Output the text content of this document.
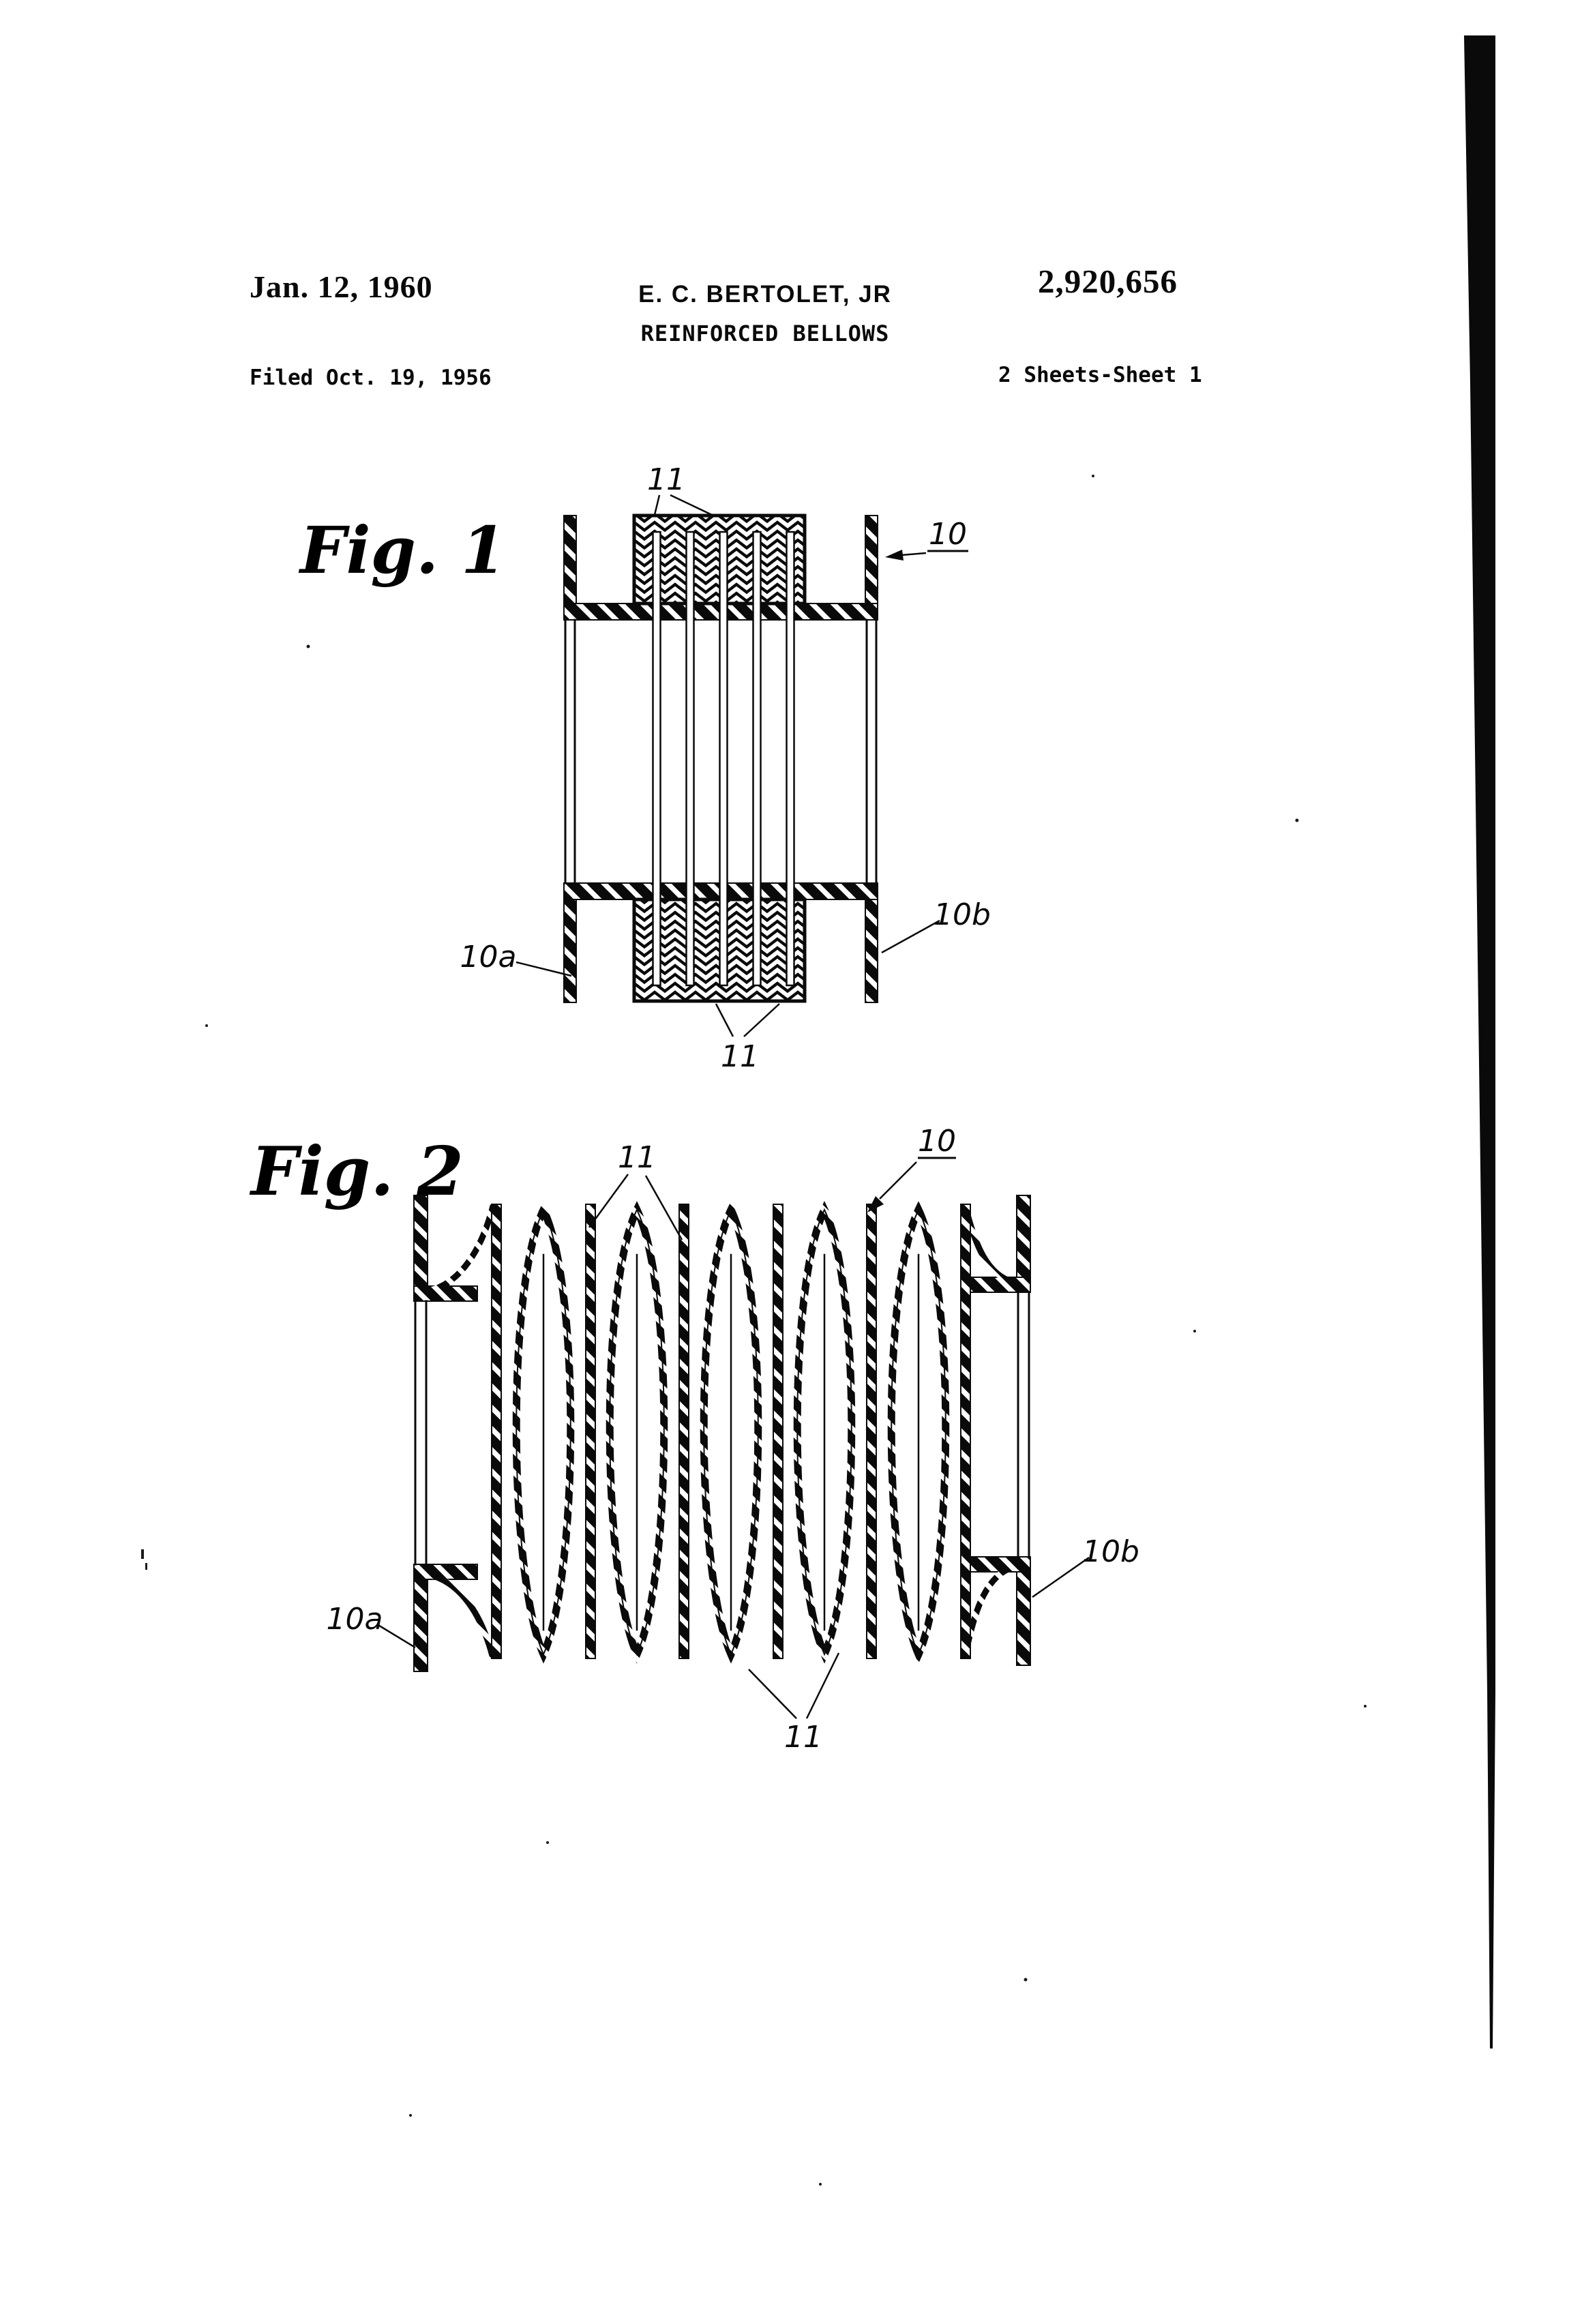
Jan. 12, 1960	E. C. BERTOLET, JR	2,920,656
REINFORCED BELLOWS
Filed Oct. 19, 1956	2 Sheets-Sheet 1
Fig. 1
11
10
10a
10b
11
Fig. 2	11	10
10a
10b
11
